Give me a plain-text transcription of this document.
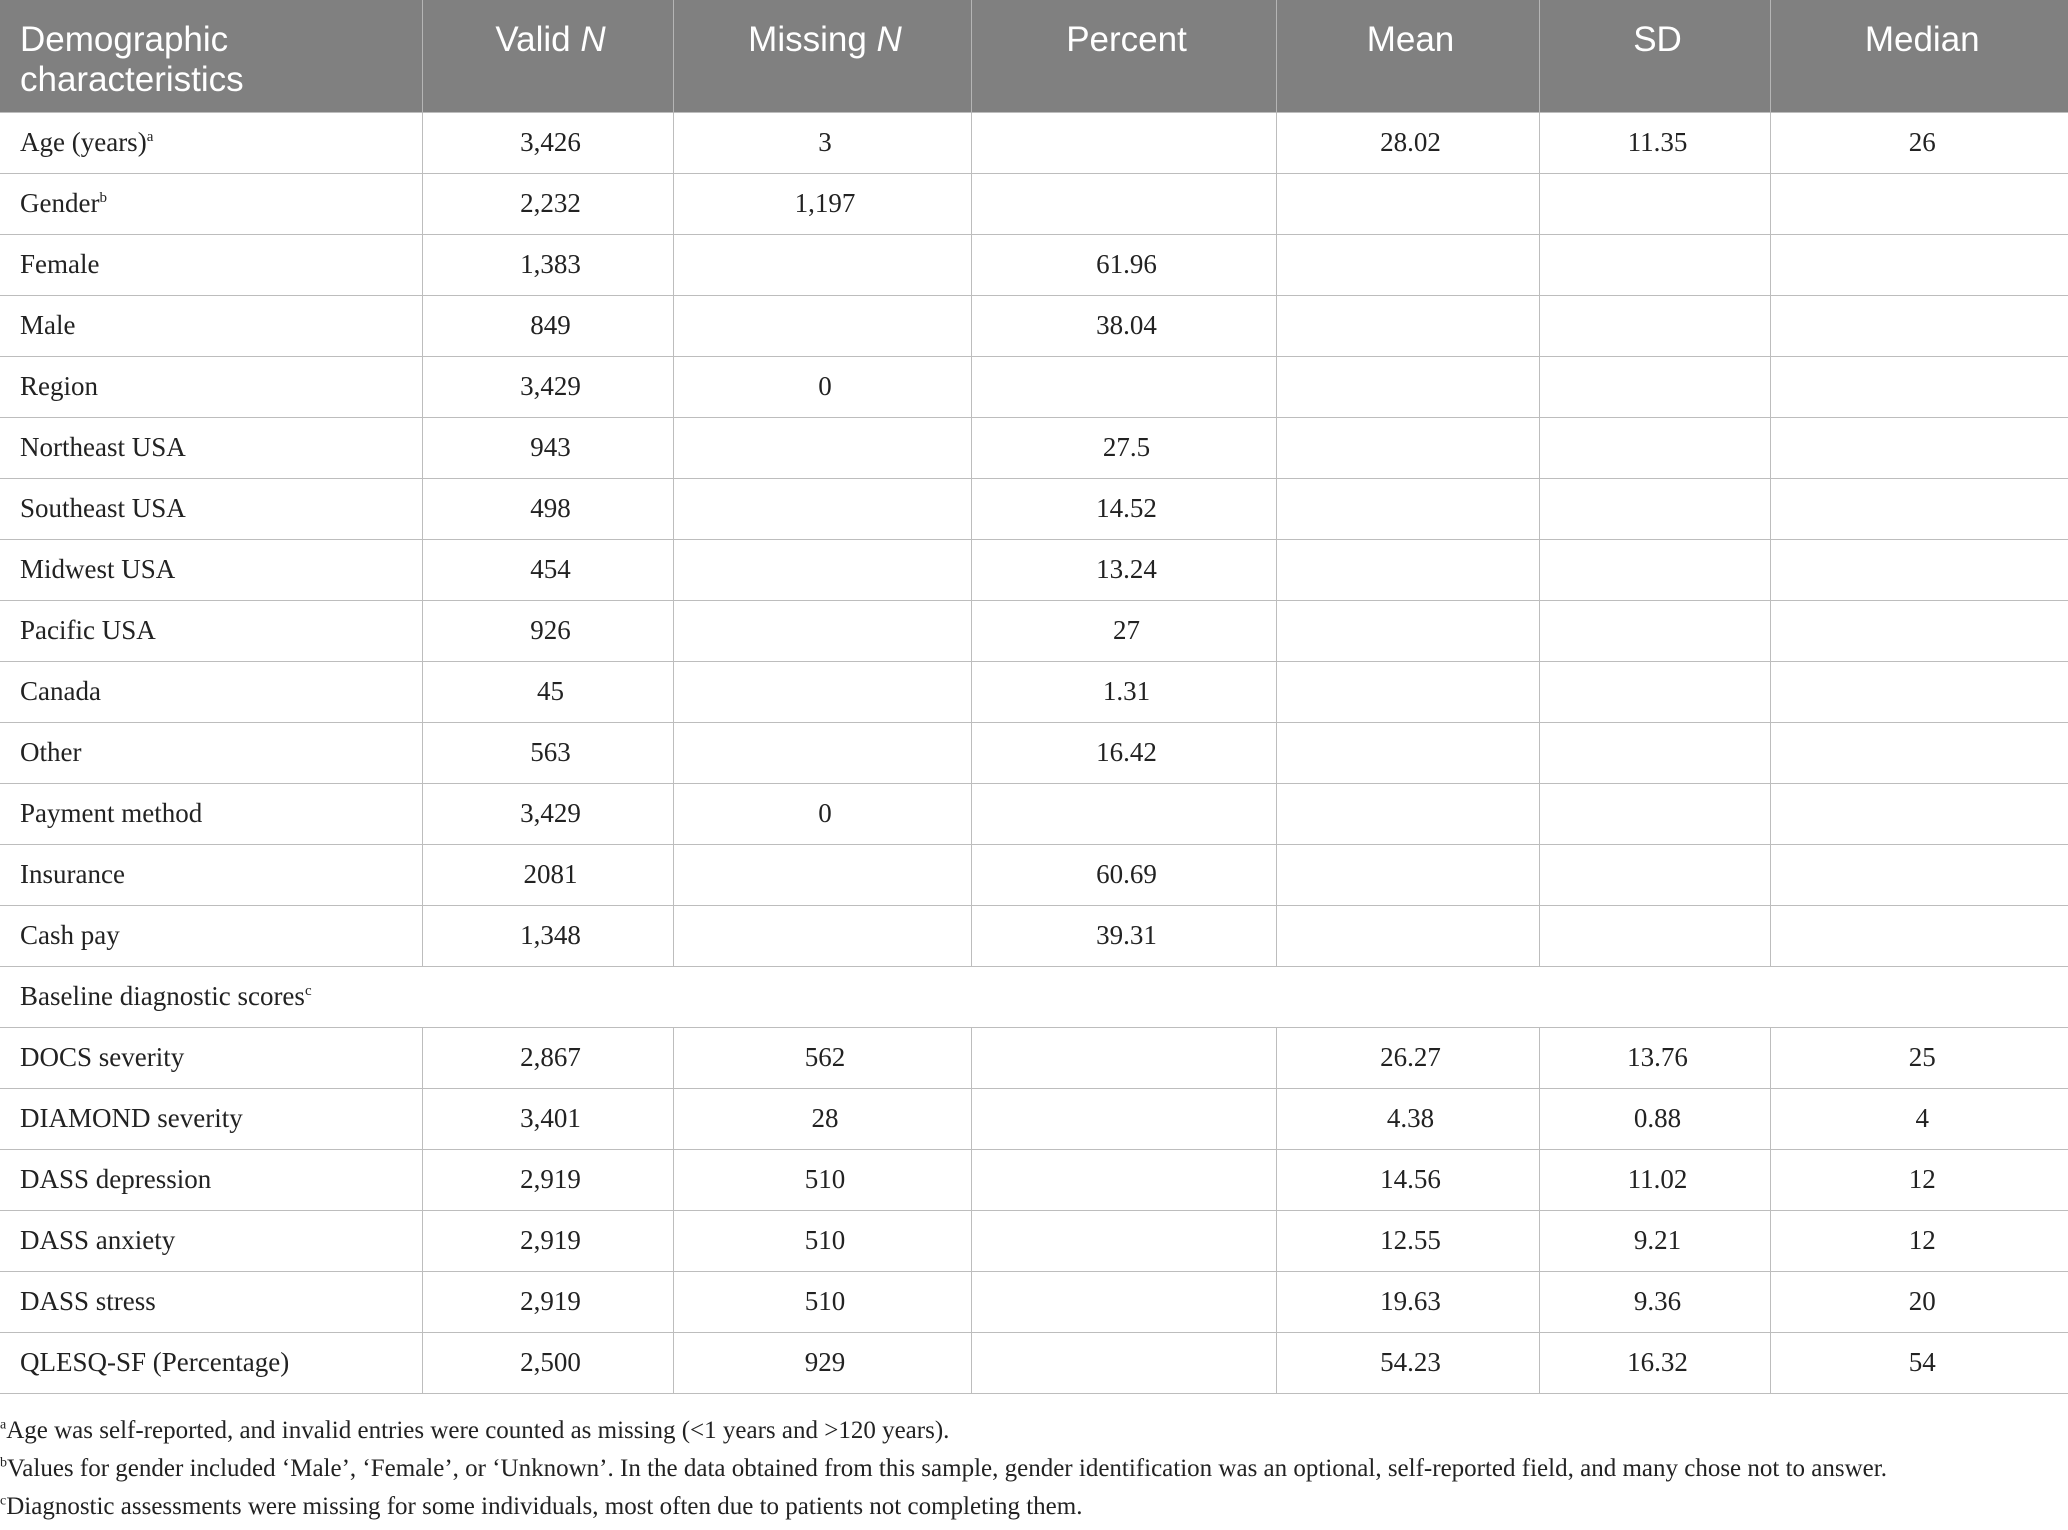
Demographic characteristics	Valid N	Missing N	Percent	Mean	SD	Median
Age (years)$^a$	3,426	3		28.02	11.35	26
Gender$^b$	2,232	1,197				
Female	1,383		61.96			
Male	849		38.04			
Region	3,429	0				
Northeast USA	943		27.5			
Southeast USA	498		14.52			
Midwest USA	454		13.24			
Pacific USA	926		27			
Canada	45		1.31			
Other	563		16.42			
Payment method	3,429	0				
Insurance	2081		60.69			
Cash pay	1,348		39.31			
Baseline diagnostic scores$^c$
DOCS severity	2,867	562		26.27	13.76	25
DIAMOND severity	3,401	28		4.38	0.88	4
DASS depression	2,919	510		14.56	11.02	12
DASS anxiety	2,919	510		12.55	9.21	12
DASS stress	2,919	510		19.63	9.36	20
QLESQ-SF (Percentage)	2,500	929		54.23	16.32	54

$^a$Age was self-reported, and invalid entries were counted as missing (<1 years and >120 years).

$^b$Values for gender included ‘Male’, ‘Female’, or ‘Unknown’. In the data obtained from this sample, gender identification was an optional, self-reported field, and many chose not to answer.

$^c$Diagnostic assessments were missing for some individuals, most often due to patients not completing them.
